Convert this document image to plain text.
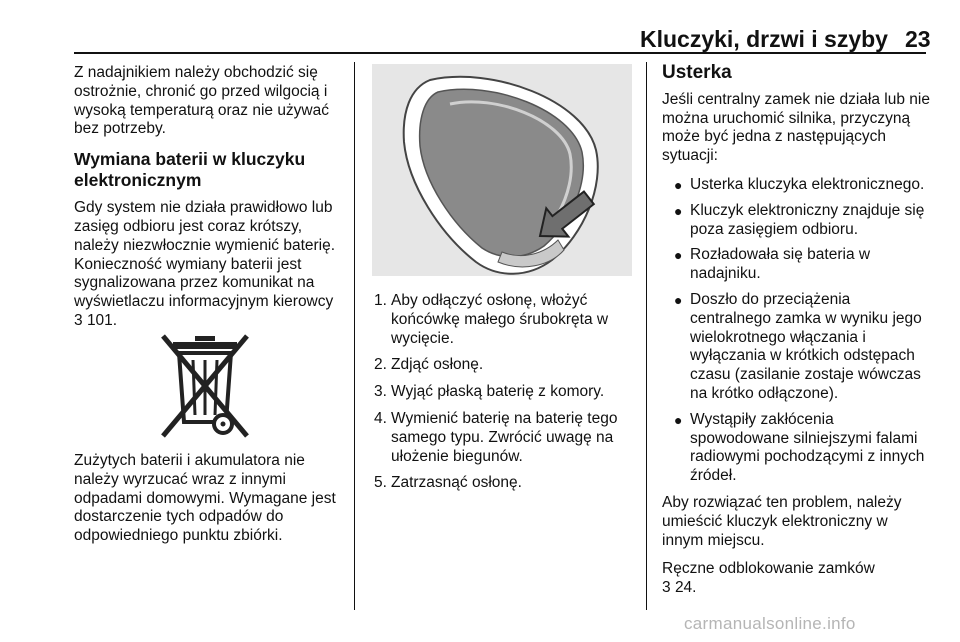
Kluczyki, drzwi i szyby 23

Z nadajnikiem należy obchodzić się ostrożnie, chronić go przed wilgocią i wysoką temperaturą oraz nie używać bez potrzeby.

Wymiana baterii w kluczyku elektronicznym

Gdy system nie działa prawidłowo lub zasięg odbioru jest coraz krótszy, należy niezwłocznie wymienić baterię. Konieczność wymiany baterii jest sygnalizowana przez komunikat na wyświetlaczu informacyjnym kierowcy 3 101.

Zużytych baterii i akumulatora nie należy wyrzucać wraz z innymi odpadami domowymi. Wymagane jest dostarczenie tych odpadów do odpowiedniego punktu zbiórki.

1. Aby odłączyć osłonę, włożyć końcówkę małego śrubokręta w wycięcie.
2. Zdjąć osłonę.
3. Wyjąć płaską baterię z komory.
4. Wymienić baterię na baterię tego samego typu. Zwrócić uwagę na ułożenie biegunów.
5. Zatrzasnąć osłonę.
Usterka

Jeśli centralny zamek nie działa lub nie można uruchomić silnika, przyczyną może być jedna z następujących sytuacji:

● Usterka kluczyka elektronicznego.
● Kluczyk elektroniczny znajduje się poza zasięgiem odbioru.
● Rozładowała się bateria w nadajniku.
● Doszło do przeciążenia centralnego zamka w wyniku jego wielokrotnego włączania i wyłączania w krótkich odstępach czasu (zasilanie zostaje wówczas na krótko odłączone).
● Wystąpiły zakłócenia spowodowane silniejszymi falami radiowymi pochodzącymi z innych źródeł.

Aby rozwiązać ten problem, należy umieścić kluczyk elektroniczny w innym miejscu.

Ręczne odblokowanie zamków
3 24.

carmanualsonline.info
